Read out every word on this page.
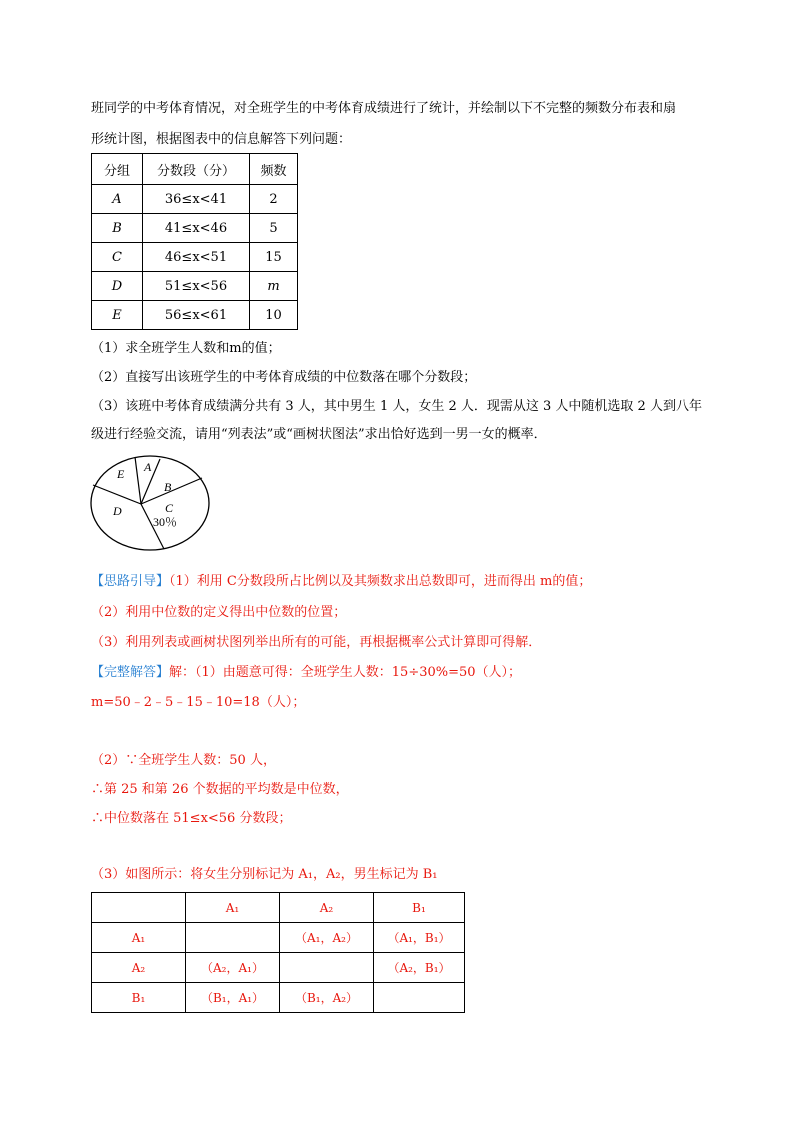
班同学的中考体育情况，对全班学生的中考体育成绩进行了统计，并绘制以下不完整的频数分布表和扇
形统计图，根据图表中的信息解答下列问题：
分组	分数段（分）	频数
A	36≤x<41	2
B	41≤x<46	5
C	46≤x<51	15
D	51≤x<56	m
E	56≤x<61	10
（1）求全班学生人数和m的值；
（2）直接写出该班学生的中考体育成绩的中位数落在哪个分数段；
（3）该班中考体育成绩满分共有 3 人，其中男生 1 人，女生 2 人．现需从这 3 人中随机选取 2 人到八年
级进行经验交流，请用“列表法”或“画树状图法”求出恰好选到一男一女的概率．
E A
B
C
30％
D
【思路引导】（1）利用 C分数段所占比例以及其频数求出总数即可，进而得出 m的值；
（2）利用中位数的定义得出中位数的位置；
（3）利用列表或画树状图列举出所有的可能，再根据概率公式计算即可得解．
【完整解答】解：（1）由题意可得：全班学生人数：15÷30%=50（人）；
m=50﹣2﹣5﹣15﹣10=18（人）；
（2）∵全班学生人数：50 人，
∴第 25 和第 26 个数据的平均数是中位数，
∴中位数落在 51≤x<56 分数段；
（3）如图所示：将女生分别标记为 A₁，A₂，男生标记为 B₁
	A₁	A₂	B₁
A₁		（A₁，A₂）	（A₁，B₁）
A₂	（A₂，A₁）		（A₂，B₁）
B₁	（B₁，A₁）	（B₁，A₂）	
